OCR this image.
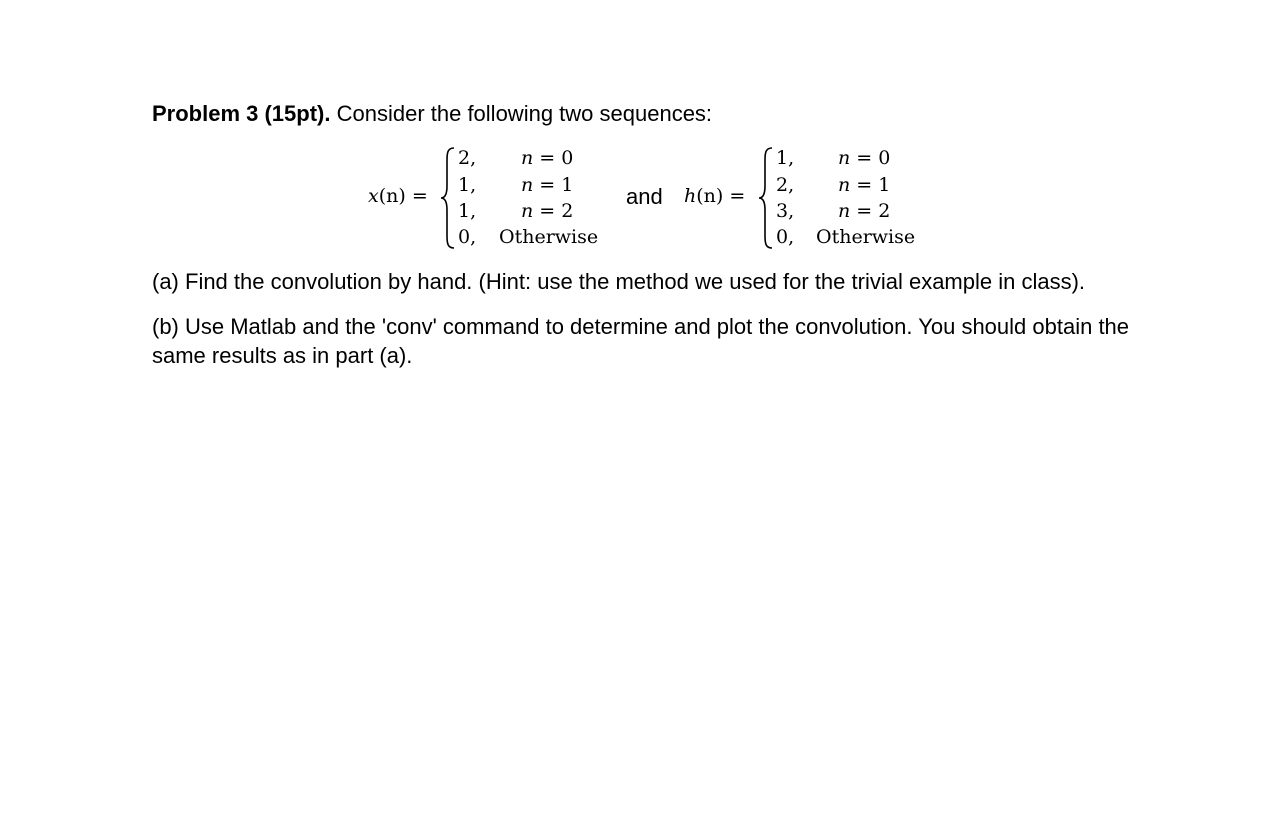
Problem 3 (15pt). Consider the following two sequences:
x(n) =
2,
1,
1,
0,
n = 0
n = 1
n = 2
Otherwise
and h(n) =
1,
2,
3,
0,
n = 0
n = 1
n = 2
Otherwise
(a) Find the convolution by hand. (Hint: use the method we used for the trivial example in class).
(b) Use Matlab and the 'conv' command to determine and plot the convolution. You should obtain the same results as in part (a).
